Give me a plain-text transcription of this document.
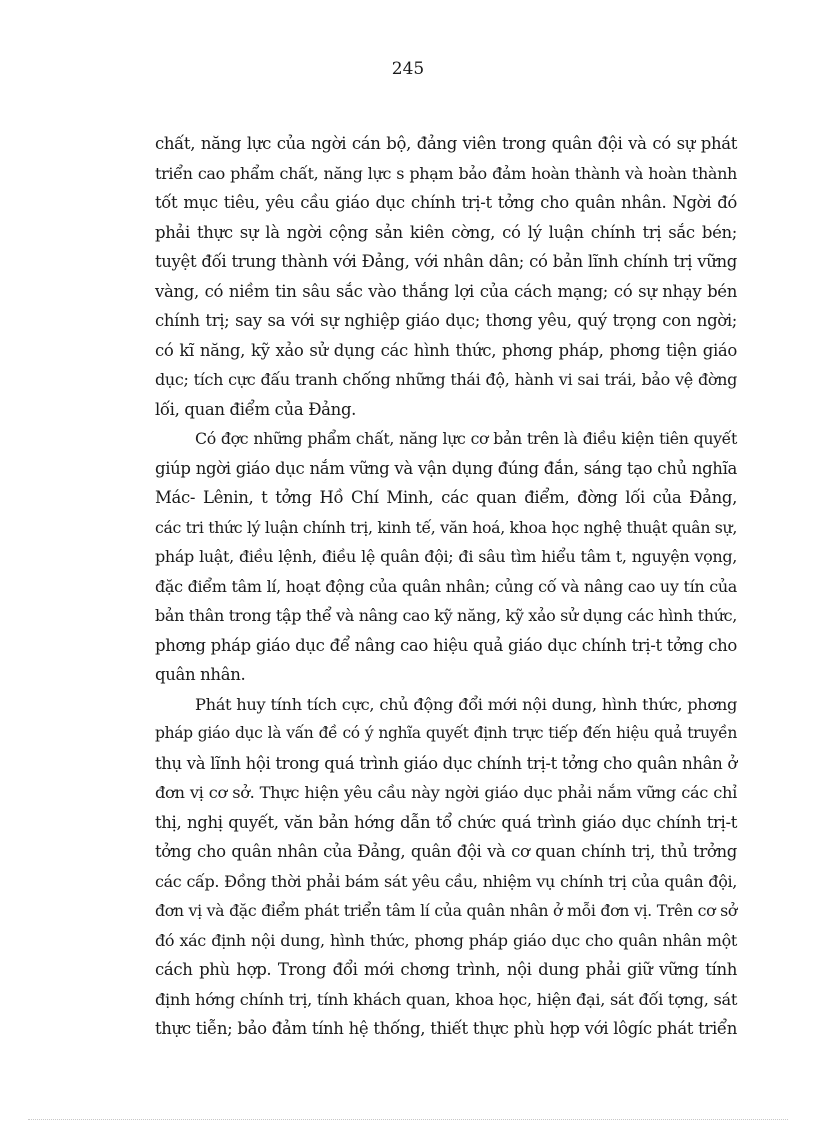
245
chất, năng lực của ngời cán bộ, đảng viên trong quân đội và có sự phát
triển cao phẩm chất, năng lực s phạm bảo đảm hoàn thành và hoàn thành
tốt mục tiêu, yêu cầu giáo dục chính trị-t tởng cho quân nhân. Ngời đó
phải thực sự là ngời cộng sản kiên cờng, có lý luận chính trị sắc bén;
tuyệt đối trung thành với Đảng, với nhân dân; có bản lĩnh chính trị vững
vàng, có niềm tin sâu sắc vào thắng lợi của cách mạng; có sự nhạy bén
chính trị; say sa với sự nghiệp giáo dục; thơng yêu, quý trọng con ngời;
có kĩ năng, kỹ xảo sử dụng các hình thức, phơng pháp, phơng tiện giáo
dục; tích cực đấu tranh chống những thái độ, hành vi sai trái, bảo vệ đờng
lối, quan điểm của Đảng.
Có đợc những phẩm chất, năng lực cơ bản trên là điều kiện tiên quyết
giúp ngời giáo dục nắm vững và vận dụng đúng đắn, sáng tạo chủ nghĩa
Mác- Lênin, t tởng Hồ Chí Minh, các quan điểm, đờng lối của Đảng,
các tri thức lý luận chính trị, kinh tế, văn hoá, khoa học nghệ thuật quân sự,
pháp luật, điều lệnh, điều lệ quân đội; đi sâu tìm hiểu tâm t, nguyện vọng,
đặc điểm tâm lí, hoạt động của quân nhân; củng cố và nâng cao uy tín của
bản thân trong tập thể và nâng cao kỹ năng, kỹ xảo sử dụng các hình thức,
phơng pháp giáo dục để nâng cao hiệu quả giáo dục chính trị-t tởng cho
quân nhân.
Phát huy tính tích cực, chủ động đổi mới nội dung, hình thức, phơng
pháp giáo dục là vấn đề có ý nghĩa quyết định trực tiếp đến hiệu quả truyền
thụ và lĩnh hội trong quá trình giáo dục chính trị-t tởng cho quân nhân ở
đơn vị cơ sở. Thực hiện yêu cầu này ngời giáo dục phải nắm vững các chỉ
thị, nghị quyết, văn bản hớng dẫn tổ chức quá trình giáo dục chính trị-t
tởng cho quân nhân của Đảng, quân đội và cơ quan chính trị, thủ trởng
các cấp. Đồng thời phải bám sát yêu cầu, nhiệm vụ chính trị của quân đội,
đơn vị và đặc điểm phát triển tâm lí của quân nhân ở mỗi đơn vị. Trên cơ sở
đó xác định nội dung, hình thức, phơng pháp giáo dục cho quân nhân một
cách phù hợp. Trong đổi mới chơng trình, nội dung phải giữ vững tính
định hớng chính trị, tính khách quan, khoa học, hiện đại, sát đối tợng, sát
thực tiễn; bảo đảm tính hệ thống, thiết thực phù hợp với lôgíc phát triển
